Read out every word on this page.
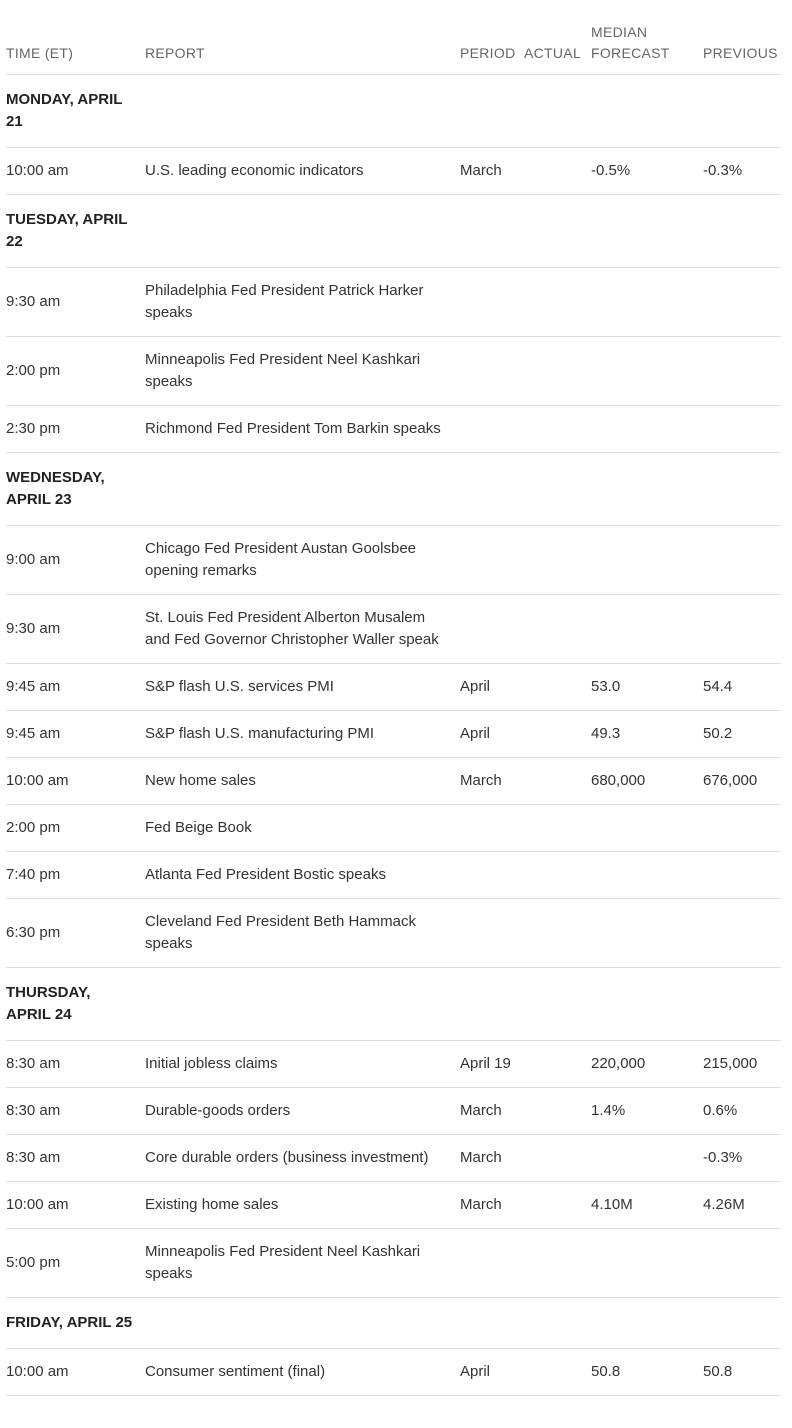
TIME (ET)	REPORT	PERIOD	ACTUAL	MEDIAN FORECAST	PREVIOUS

MONDAY, APRIL 21					

10:00 am	U.S. leading economic indicators	March		-0.5%	-0.3%

TUESDAY, APRIL 22					

9:30 am	Philadelphia Fed President Patrick Harker speaks				
2:00 pm	Minneapolis Fed President Neel Kashkari speaks				
2:30 pm	Richmond Fed President Tom Barkin speaks				

WEDNESDAY, APRIL 23					

9:00 am	Chicago Fed President Austan Goolsbee opening remarks				
9:30 am	St. Louis Fed President Alberton Musalem and Fed Governor Christopher Waller speak				
9:45 am	S&P flash U.S. services PMI	April		53.0	54.4
9:45 am	S&P flash U.S. manufacturing PMI	April		49.3	50.2
10:00 am	New home sales	March		680,000	676,000
2:00 pm	Fed Beige Book				
7:40 pm	Atlanta Fed President Bostic speaks				
6:30 pm	Cleveland Fed President Beth Hammack speaks				

THURSDAY, APRIL 24					

8:30 am	Initial jobless claims	April 19		220,000	215,000
8:30 am	Durable-goods orders	March		1.4%	0.6%
8:30 am	Core durable orders (business investment)	March			-0.3%
10:00 am	Existing home sales	March		4.10M	4.26M
5:00 pm	Minneapolis Fed President Neel Kashkari speaks				

FRIDAY, APRIL 25					

10:00 am	Consumer sentiment (final)	April		50.8	50.8
